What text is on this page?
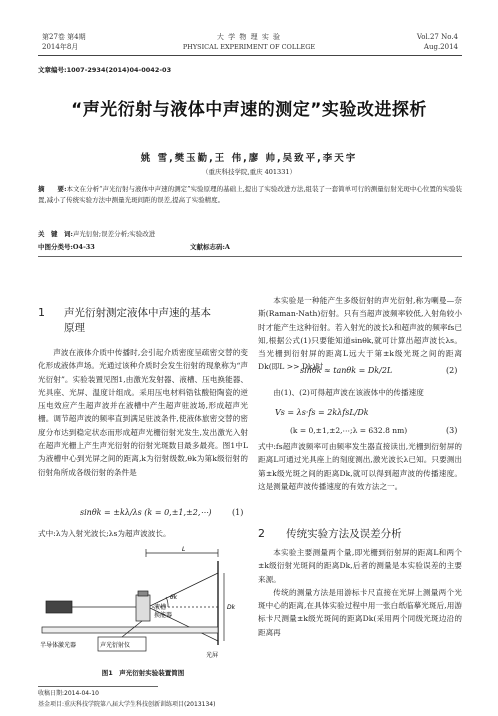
第27卷 第4期
2014年8月
大 学 物 理 实 验
PHYSICAL EXPERIMENT OF COLLEGE
Vol.27 No.4
Aug.2014
文章编号:1007-2934(2014)04-0042-03
“声光衍射与液体中声速的测定”实验改进探析
姚 雪,樊玉勤,王 伟,廖 帅,吴致平,李天宇
（重庆科技学院,重庆 401331）
摘　　要:本文在分析“声光衍射与液体中声速的测定”实验原理的基础上,提出了实验改进方法,组装了一套简单可行的测量衍射光斑中心位置的实验装置,减小了传统实验方法中测量光斑间距的误差,提高了实验精度。
关　键　词:声光衍射;误差分析;实验改进
中图分类号:O4-33	文献标志码:A
1 声光衍射测定液体中声速的基本
原理

声波在液体介质中传播时,会引起介质密度呈疏密交替的变化形成液体声场。光通过该种介质时会发生衍射的现象称为“声光衍射”。实验装置见图1,由激光发射器、液槽、压电换能器、光具座、光屏、温度计组成。采用压电材料锆钛酸铅陶瓷的逆压电效应产生超声波并在液槽中产生超声驻波场,形成超声光栅。调节超声波的频率直到满足驻波条件,使液体旅密交替的密度分布达到稳定状态而形成超声光栅衍射光发生,发出激光入射在超声光栅上产生声光衍射的衍射光斑数目最多最亮。图1中L为液槽中心到光屏之间的距离,k为衍射级数,θk为第k级衍射的衍射角所成各级衍射的条件是

sinθk = ±kλ/λs (k = 0,±1,±2,⋯)	(1)
式中:λ为入射光波长;λs为超声波波长。
L
Dk
θk
液槽
换能器
半导体激光器	声光衍射仪
光屏
图1　声光衍射实验装置简图

本实验是一种能产生多级衍射的声光衍射,称为喇曼—奈斯(Raman-Nath)衍射。只有当超声波频率较低,入射角较小时才能产生这种衍射。若入射光的波长λ和超声波的频率fs已知,根据公式(1)只要能知道sinθk,就可计算出超声波长λs。当光栅到衍射屏的距离L远大于第±k级光斑之间的距离Dk(即L >> Dk)时

sinθk ≈ tanθk = Dk/2L	(2)

由(1)、(2)可得超声波在该液体中的传播速度

Vs = λs·fs = 2kλfsL/Dk
(k = 0,±1,±2,⋯;λ = 632.8 nm)	(3)

式中:fs超声波频率可由频率发生器直接读出,光栅到衍射屏的距离L可通过光具座上的刻度测出,激光波长λ已知。只要测出第±k级光斑之间的距离Dk,就可以得到超声波的传播速度。这是测量超声波传播速度的有效方法之一。

2 传统实验方法及误差分析

本实验主要测量两个量,即光栅到衍射屏的距离L和两个±k级衍射光斑间的距离Dk,后者的测量是本实验误差的主要来源。

传统的测量方法是用游标卡尺直接在光屏上测量两个光斑中心的距离,在具体实验过程中用一张白纸临摹光斑后,用游标卡尺测量±k级光斑间的距离Dk(采用两个同级光斑边沿的距离再

收稿日期:2014-04-10
基金项目:重庆科技学院第八届大学生科技创新训练项目(2013134)
